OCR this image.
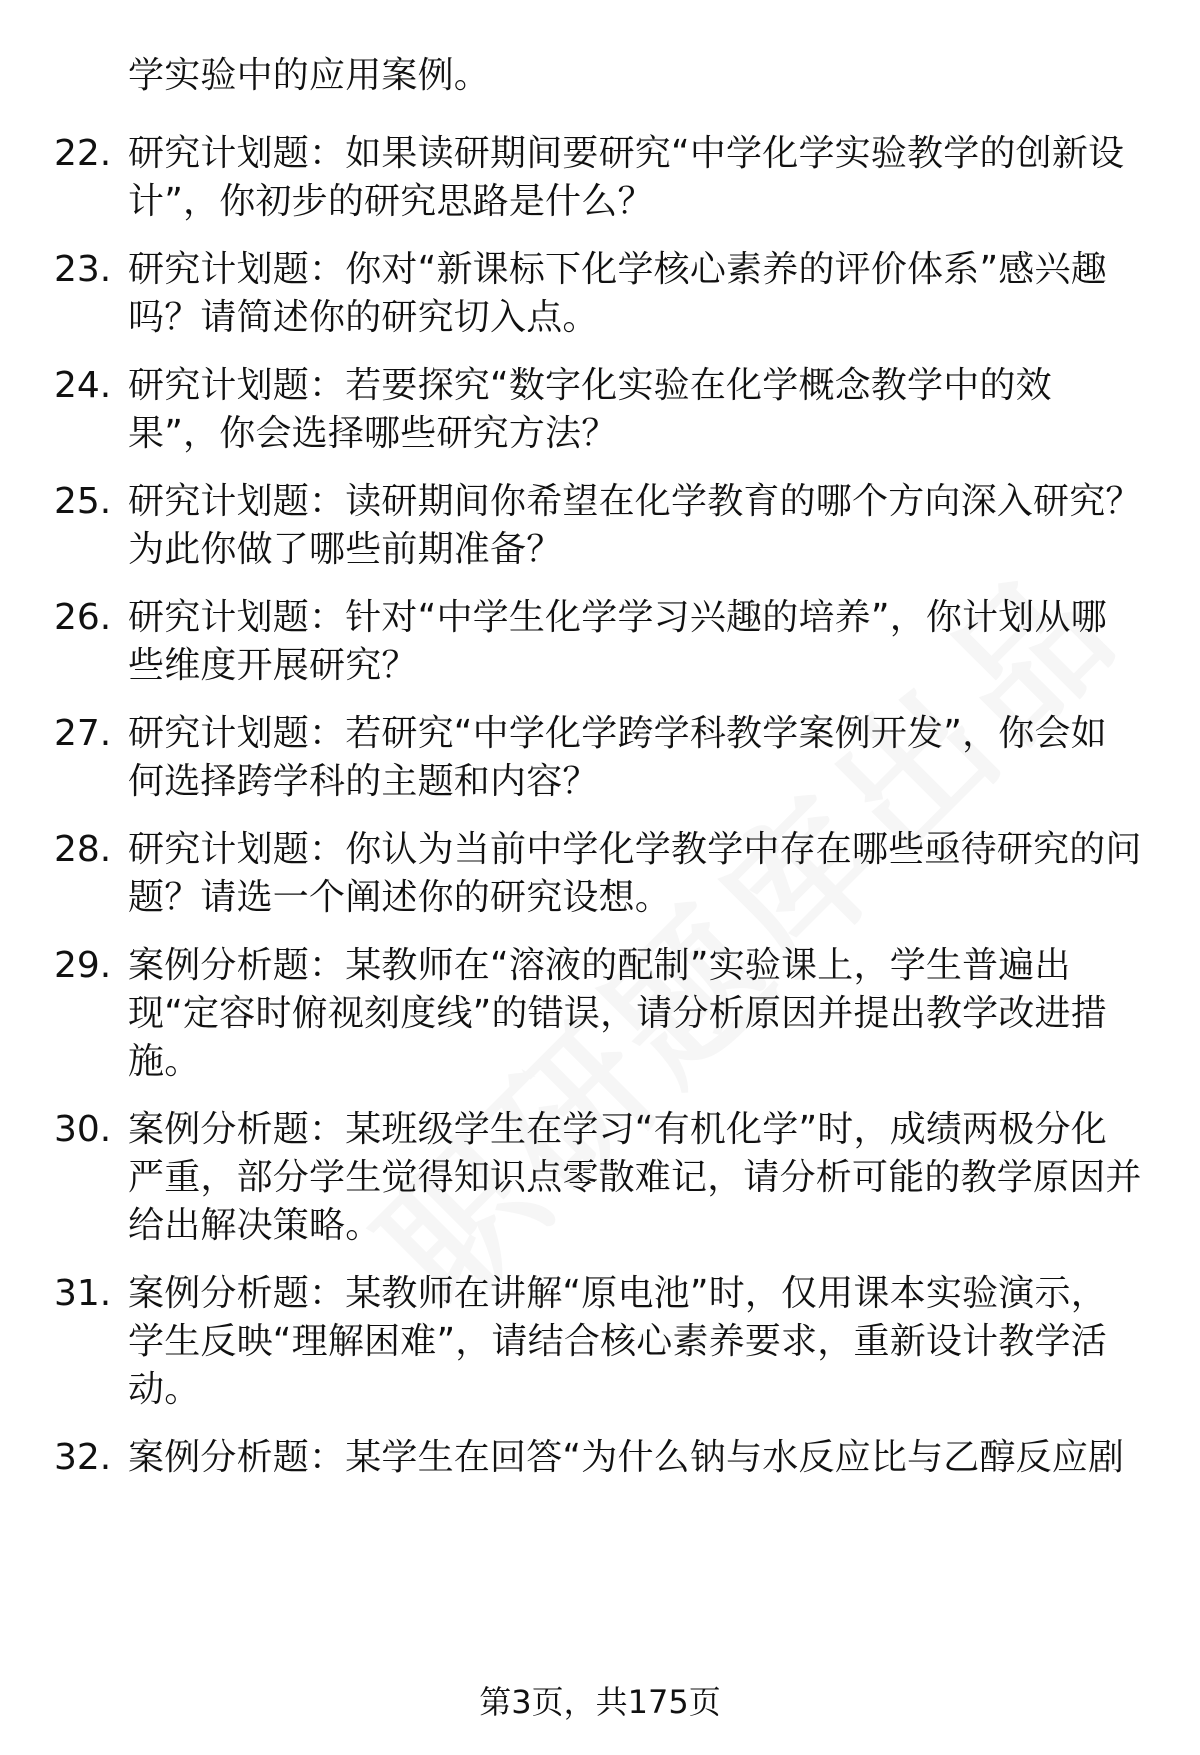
学实验中的应用案例。
22. 研究计划题：如果读研期间要研究“中学化学实验教学的创新设
计”，你初步的研究思路是什么？
23. 研究计划题：你对“新课标下化学核心素养的评价体系”感兴趣
吗？请简述你的研究切入点。
24. 研究计划题：若要探究“数字化实验在化学概念教学中的效
果”，你会选择哪些研究方法？
25. 研究计划题：读研期间你希望在化学教育的哪个方向深入研究？
为此你做了哪些前期准备？
26. 研究计划题：针对“中学生化学学习兴趣的培养”，你计划从哪
些维度开展研究？
27. 研究计划题：若研究“中学化学跨学科教学案例开发”，你会如
何选择跨学科的主题和内容？
28. 研究计划题：你认为当前中学化学教学中存在哪些亟待研究的问
题？请选一个阐述你的研究设想。
29. 案例分析题：某教师在“溶液的配制”实验课上，学生普遍出
现“定容时俯视刻度线”的错误，请分析原因并提出教学改进措
施。
30. 案例分析题：某班级学生在学习“有机化学”时，成绩两极分化
严重，部分学生觉得知识点零散难记，请分析可能的教学原因并
给出解决策略。
31. 案例分析题：某教师在讲解“原电池”时，仅用课本实验演示，
学生反映“理解困难”，请结合核心素养要求，重新设计教学活
动。
32. 案例分析题：某学生在回答“为什么钠与水反应比与乙醇反应剧
第3页，共175页
